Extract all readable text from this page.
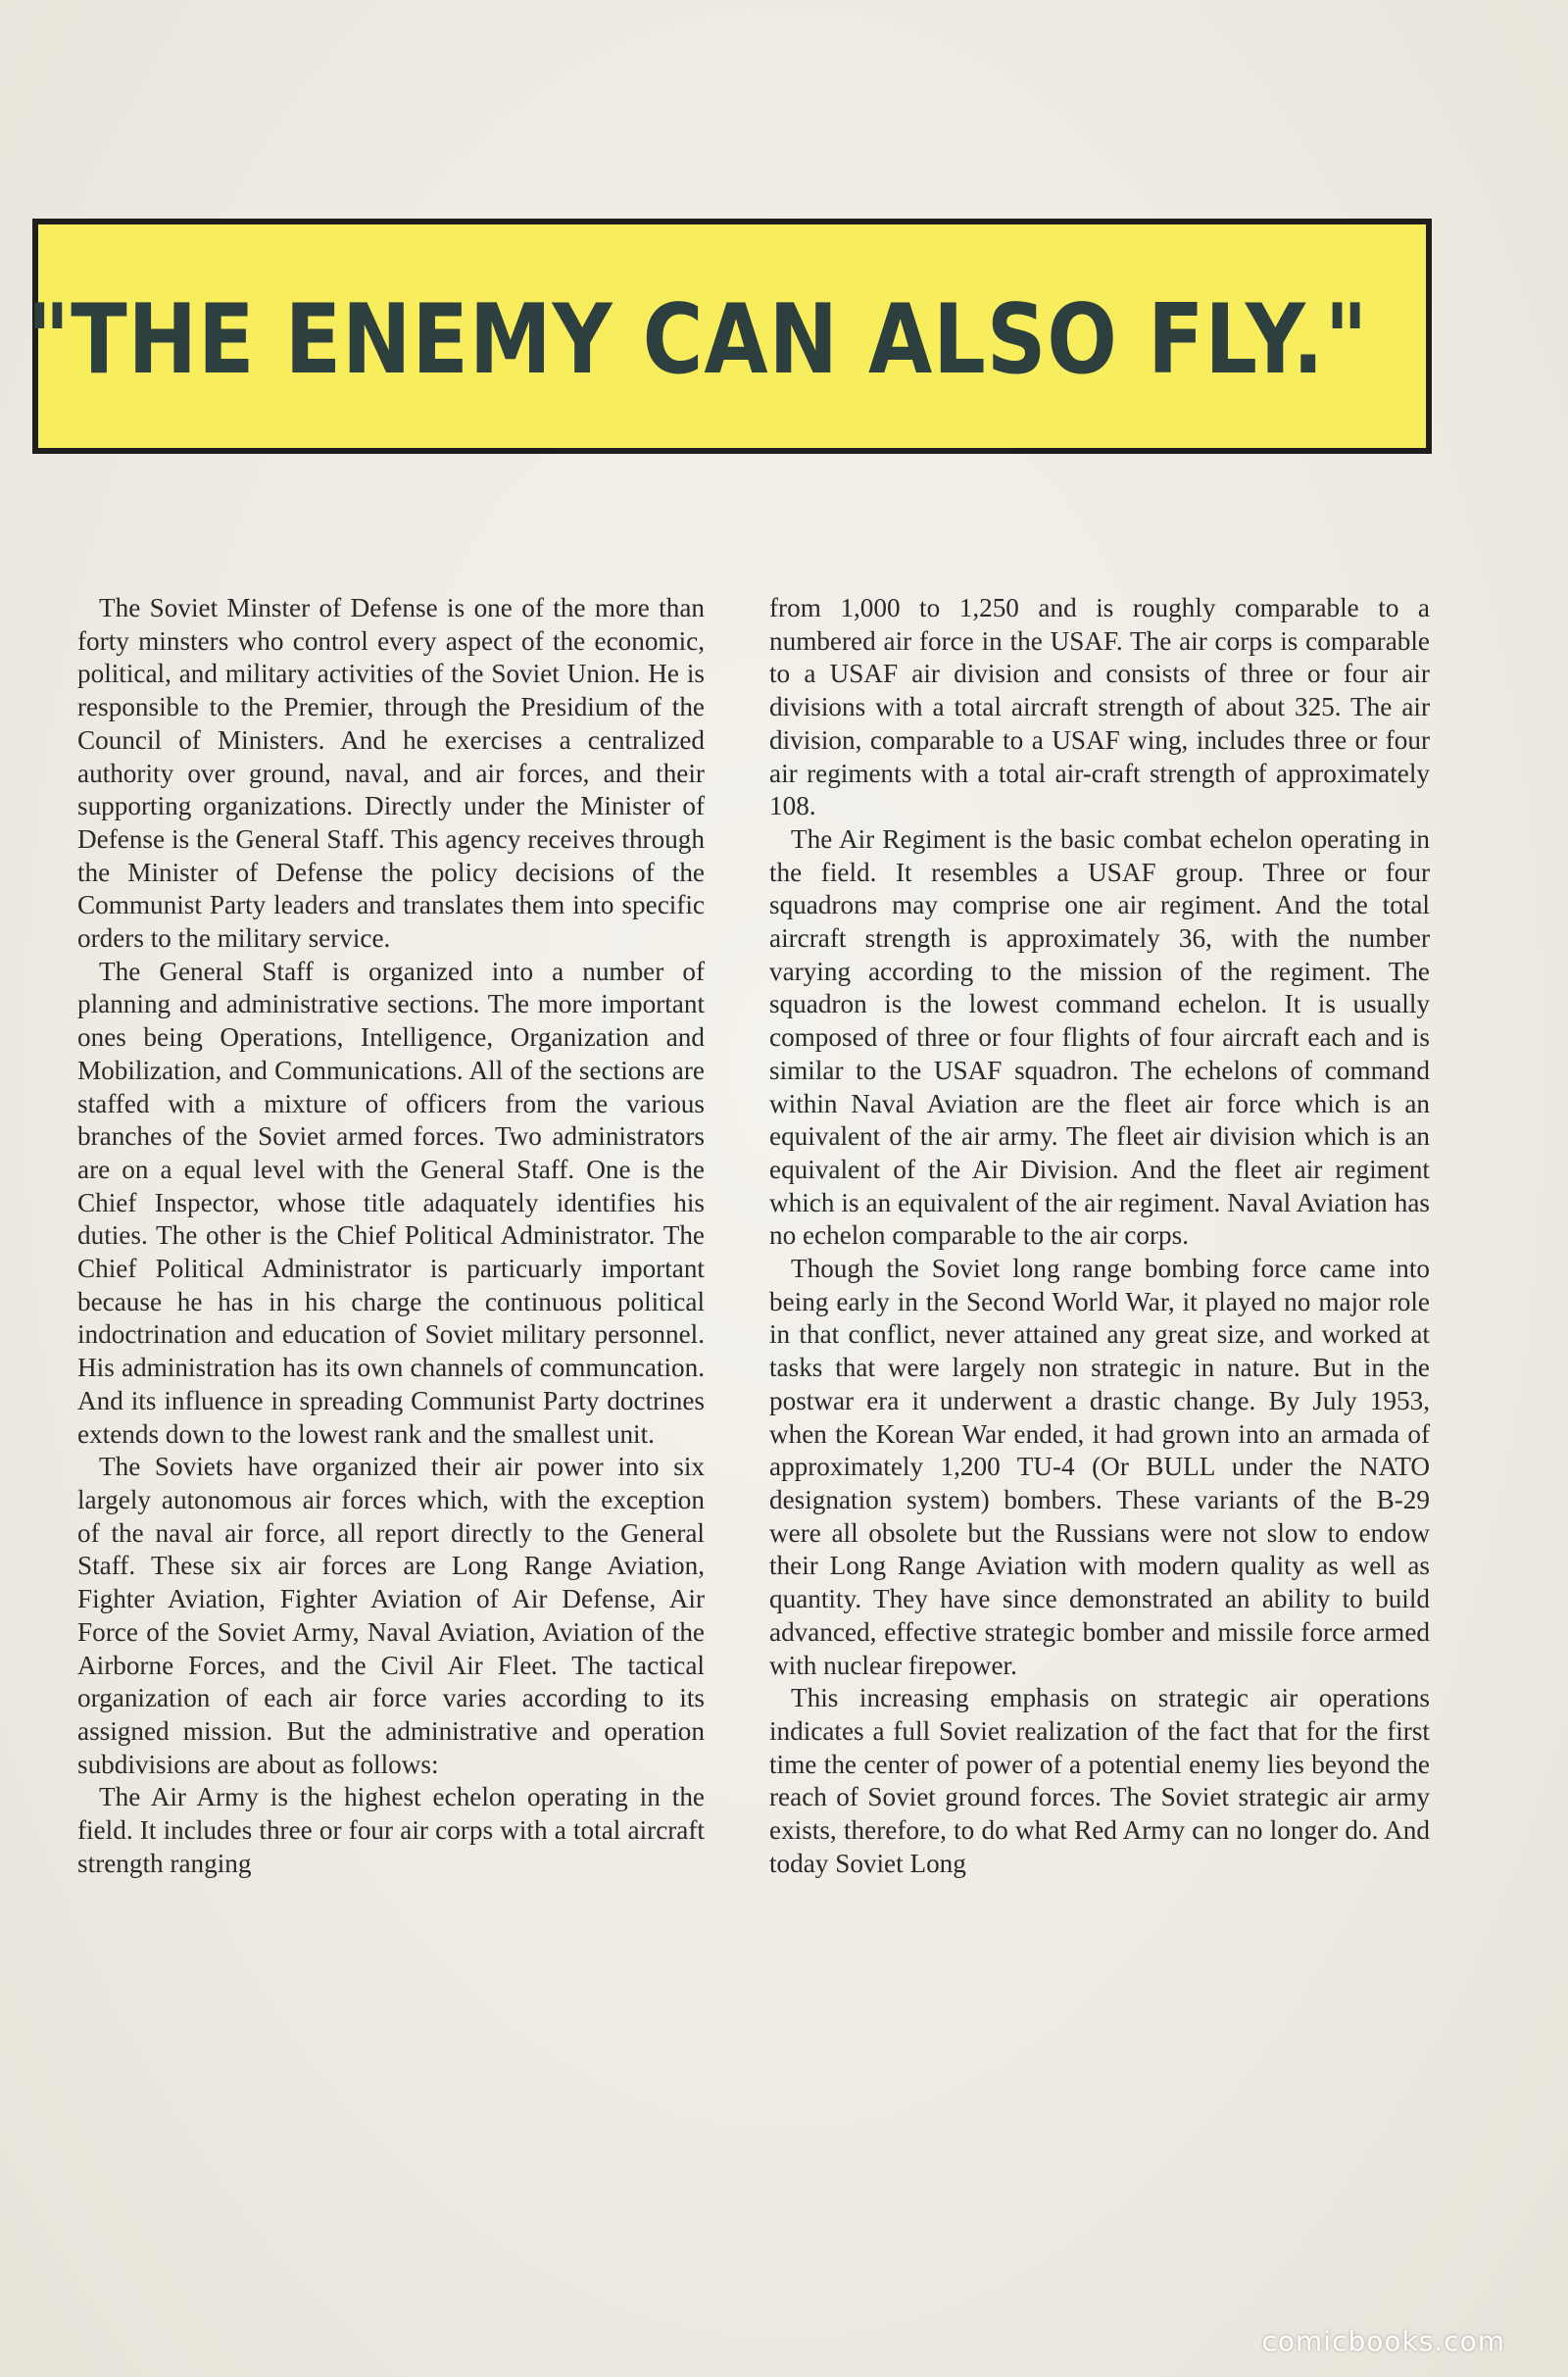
"THE ENEMY CAN ALSO FLY."

The Soviet Minster of Defense is one of the more than forty minsters who control every aspect of the economic, political, and military activities of the Soviet Union. He is responsible to the Premier, through the Presidium of the Council of Ministers. And he exercises a centralized authority over ground, naval, and air forces, and their supporting organizations. Directly under the Minister of Defense is the General Staff. This agency receives through the Minister of Defense the policy decisions of the Communist Party leaders and translates them into specific orders to the military service.

The General Staff is organized into a number of planning and administrative sections. The more important ones being Operations, Intelligence, Organization and Mobilization, and Communications. All of the sections are staffed with a mixture of officers from the various branches of the Soviet armed forces. Two administrators are on a equal level with the General Staff. One is the Chief Inspector, whose title adaquately identifies his duties. The other is the Chief Political Administrator. The Chief Political Administrator is particuarly important because he has in his charge the continuous political indoctrination and education of Soviet military personnel. His administration has its own channels of communcation. And its influence in spreading Communist Party doctrines extends down to the lowest rank and the smallest unit.

The Soviets have organized their air power into six largely autonomous air forces which, with the exception of the naval air force, all report directly to the General Staff. These six air forces are Long Range Aviation, Fighter Aviation, Fighter Aviation of Air Defense, Air Force of the Soviet Army, Naval Aviation, Aviation of the Airborne Forces, and the Civil Air Fleet. The tactical organization of each air force varies according to its assigned mission. But the administrative and operation subdivisions are about as follows:

The Air Army is the highest echelon operating in the field. It includes three or four air corps with a total aircraft strength ranging

from 1,000 to 1,250 and is roughly comparable to a numbered air force in the USAF. The air corps is comparable to a USAF air division and consists of three or four air divisions with a total aircraft strength of about 325. The air division, comparable to a USAF wing, includes three or four air regiments with a total air-craft strength of approximately 108.

The Air Regiment is the basic combat echelon operating in the field. It resembles a USAF group. Three or four squadrons may comprise one air regiment. And the total aircraft strength is approximately 36, with the number varying according to the mission of the regiment. The squadron is the lowest command echelon. It is usually composed of three or four flights of four aircraft each and is similar to the USAF squadron. The echelons of command within Naval Aviation are the fleet air force which is an equivalent of the air army. The fleet air division which is an equivalent of the Air Division. And the fleet air regiment which is an equivalent of the air regiment. Naval Aviation has no echelon comparable to the air corps.

Though the Soviet long range bombing force came into being early in the Second World War, it played no major role in that conflict, never attained any great size, and worked at tasks that were largely non strategic in nature. But in the postwar era it underwent a drastic change. By July 1953, when the Korean War ended, it had grown into an armada of approximately 1,200 TU-4 (Or BULL under the NATO designation system) bombers. These variants of the B-29 were all obsolete but the Russians were not slow to endow their Long Range Aviation with modern quality as well as quantity. They have since demonstrated an ability to build advanced, effective strategic bomber and missile force armed with nuclear firepower.

This increasing emphasis on strategic air operations indicates a full Soviet realization of the fact that for the first time the center of power of a potential enemy lies beyond the reach of Soviet ground forces. The Soviet strategic air army exists, therefore, to do what Red Army can no longer do. And today Soviet Long

comicbooks.com
